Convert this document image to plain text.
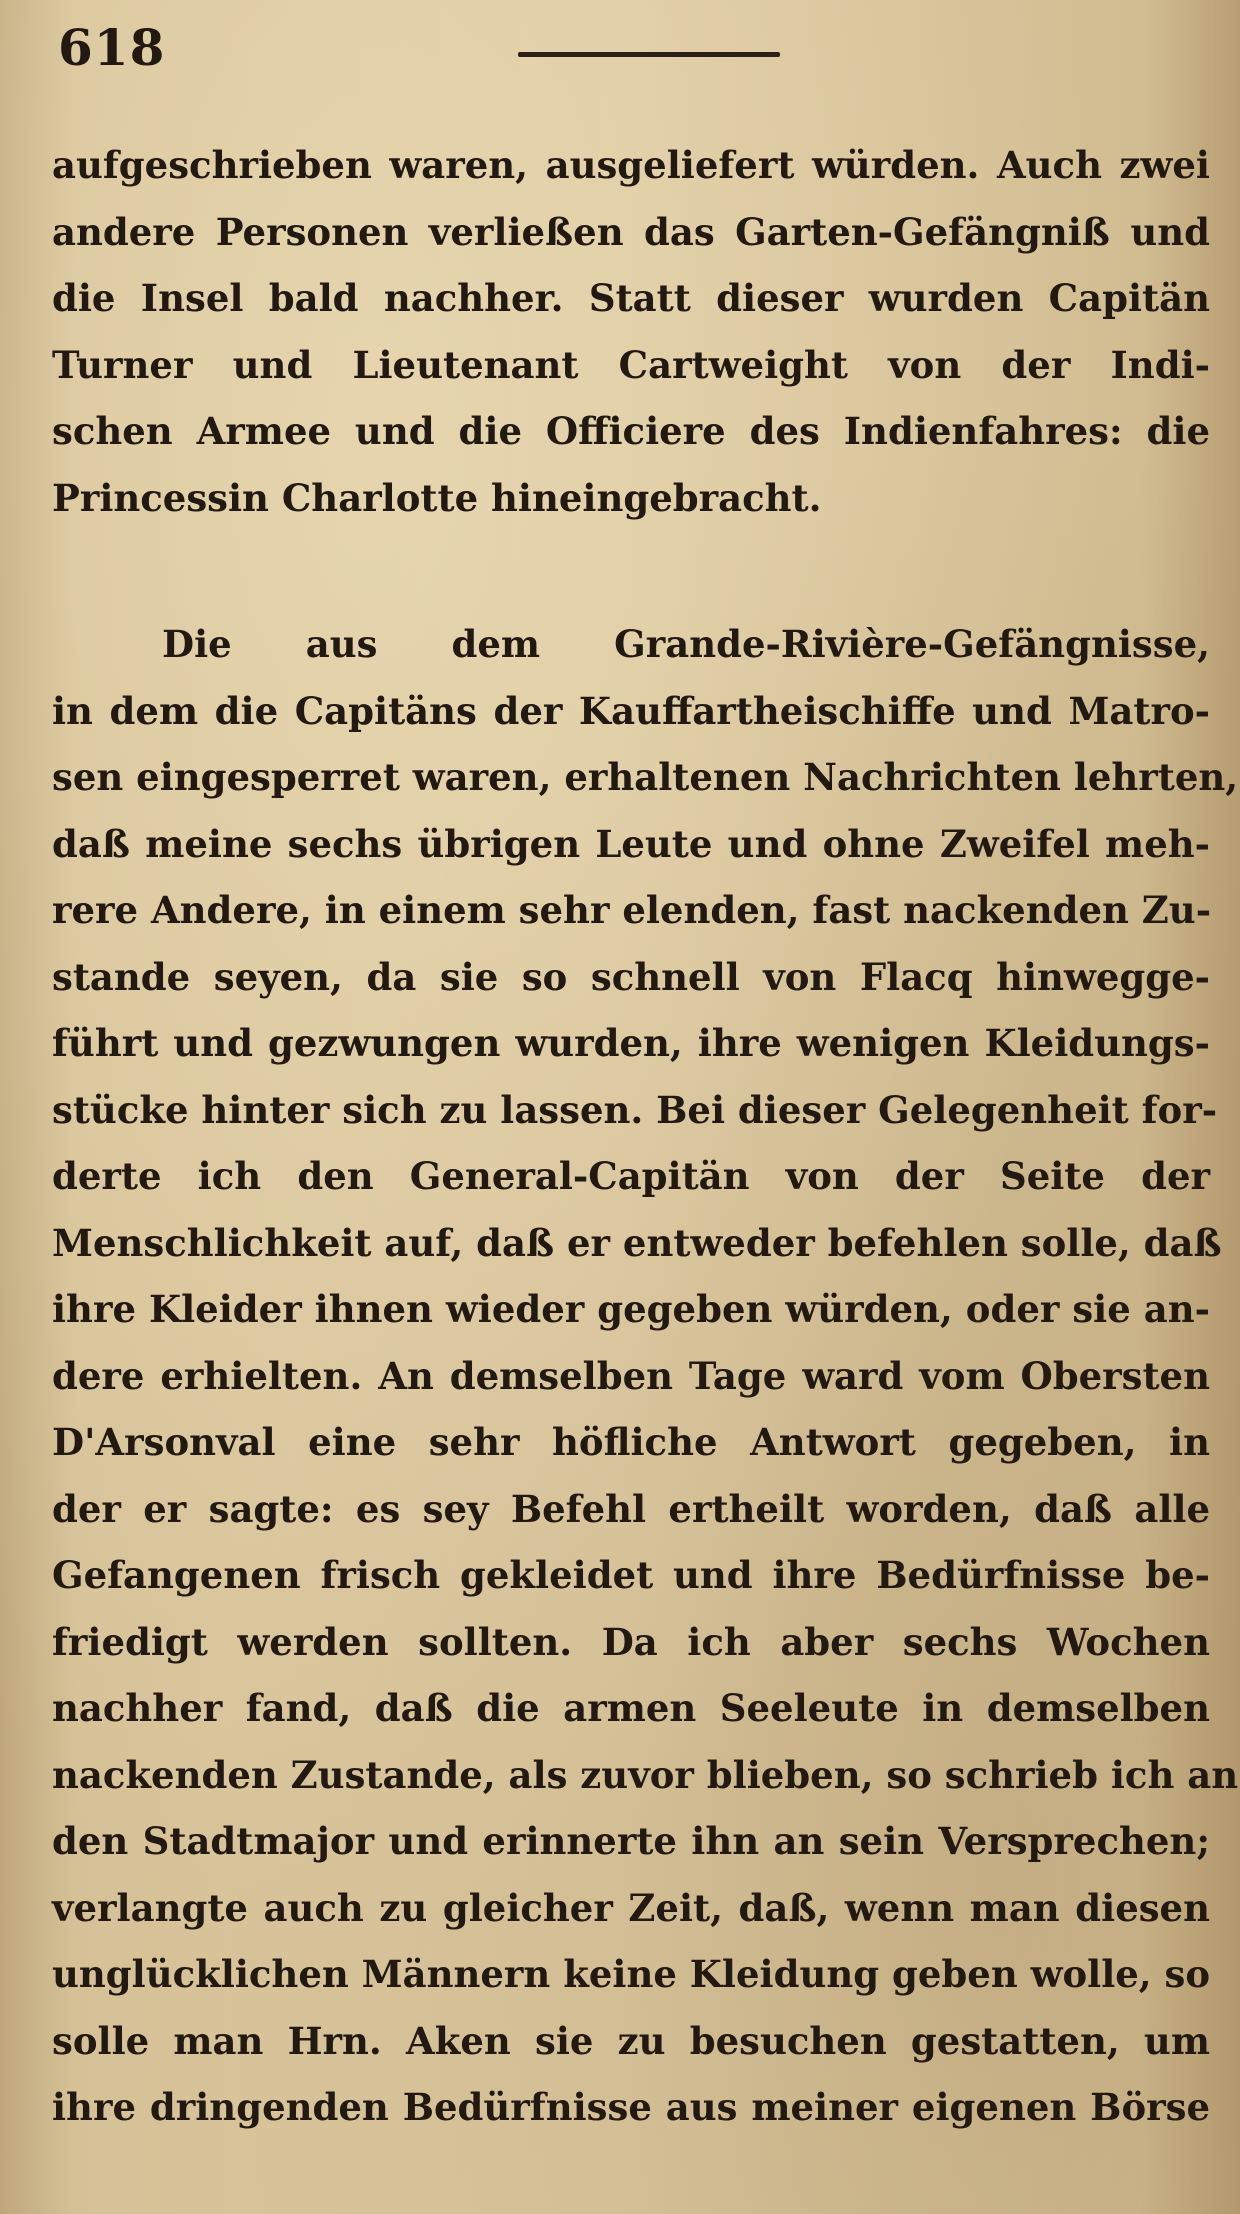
618
aufgeschrieben waren, ausgeliefert würden. Auch zwei
andere Personen verließen das Garten-Gefängniß und
die Insel bald nachher. Statt dieser wurden Capitän
Turner und Lieutenant Cartweight von der Indi-
schen Armee und die Officiere des Indienfahres: die
Princessin Charlotte hineingebracht.
Die aus dem Grande-Rivière-Gefängnisse,
in dem die Capitäns der Kauffartheischiffe und Matro-
sen eingesperret waren, erhaltenen Nachrichten lehrten,
daß meine sechs übrigen Leute und ohne Zweifel meh-
rere Andere, in einem sehr elenden, fast nackenden Zu-
stande seyen, da sie so schnell von Flacq hinwegge-
führt und gezwungen wurden, ihre wenigen Kleidungs-
stücke hinter sich zu lassen. Bei dieser Gelegenheit for-
derte ich den General-Capitän von der Seite der
Menschlichkeit auf, daß er entweder befehlen solle, daß
ihre Kleider ihnen wieder gegeben würden, oder sie an-
dere erhielten. An demselben Tage ward vom Obersten
D'Arsonval eine sehr höfliche Antwort gegeben, in
der er sagte: es sey Befehl ertheilt worden, daß alle
Gefangenen frisch gekleidet und ihre Bedürfnisse be-
friedigt werden sollten. Da ich aber sechs Wochen
nachher fand, daß die armen Seeleute in demselben
nackenden Zustande, als zuvor blieben, so schrieb ich an
den Stadtmajor und erinnerte ihn an sein Versprechen;
verlangte auch zu gleicher Zeit, daß, wenn man diesen
unglücklichen Männern keine Kleidung geben wolle, so
solle man Hrn. Aken sie zu besuchen gestatten, um
ihre dringenden Bedürfnisse aus meiner eigenen Börse
